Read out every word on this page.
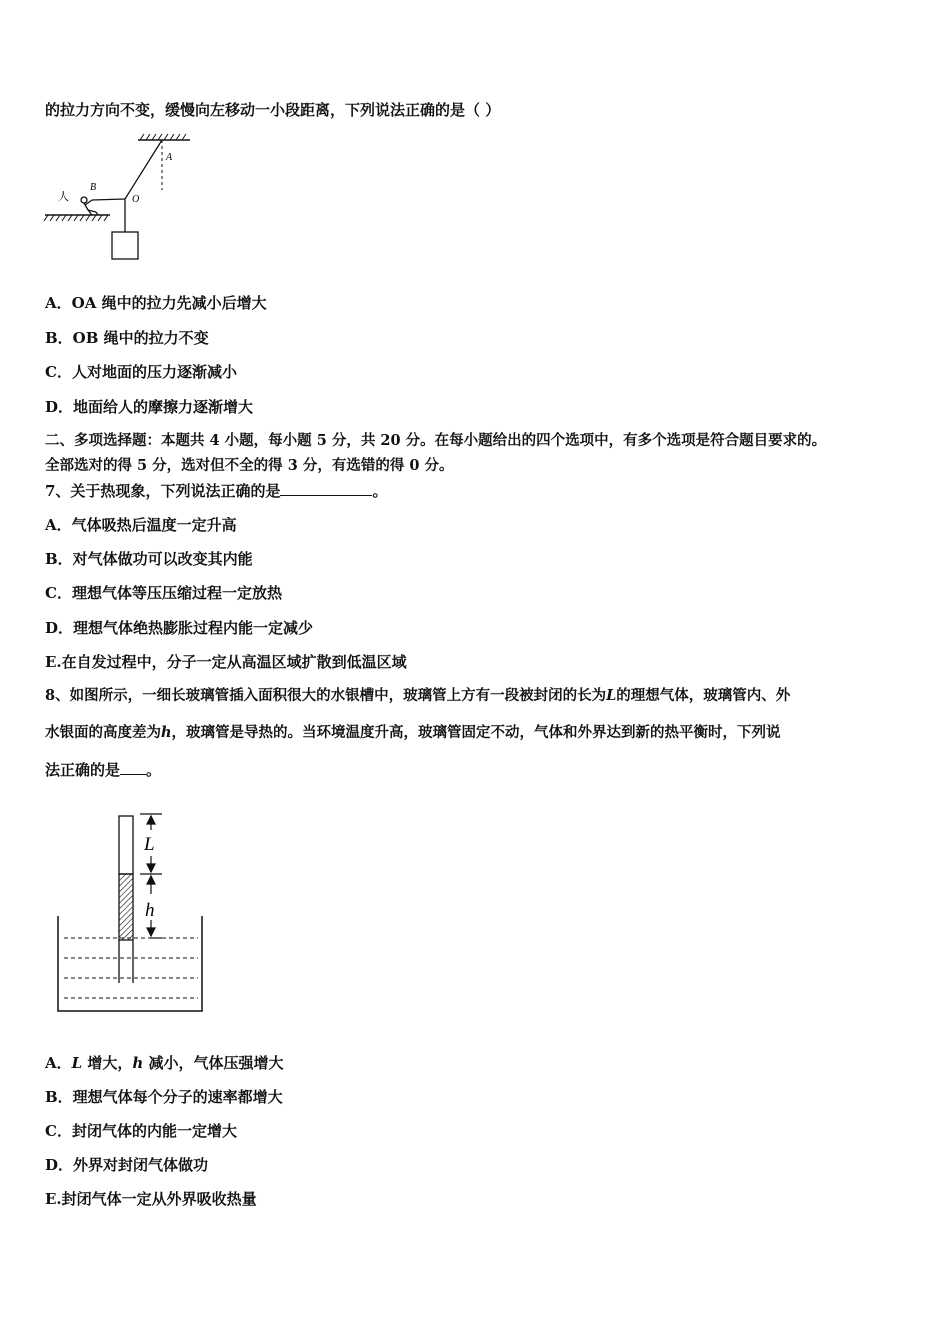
的拉力方向不变，缓慢向左移动一小段距离，下列说法正确的是（ ）
A
人
B
O
A．OA 绳中的拉力先减小后增大
B．OB 绳中的拉力不变
C．人对地面的压力逐渐减小
D．地面给人的摩擦力逐渐增大
二、多项选择题：本题共 4 小题，每小题 5 分，共 20 分。在每小题给出的四个选项中，有多个选项是符合题目要求的。
全部选对的得 5 分，选对但不全的得 3 分，有选错的得 0 分。
7、关于热现象，下列说法正确的是	。
A．气体吸热后温度一定升高
B．对气体做功可以改变其内能
C．理想气体等压压缩过程一定放热
D．理想气体绝热膨胀过程内能一定减少
E.在自发过程中，分子一定从高温区域扩散到低温区域
8、如图所示，一细长玻璃管插入面积很大的水银槽中，玻璃管上方有一段被封闭的长为L的理想气体，玻璃管内、外
水银面的高度差为h，玻璃管是导热的。当环境温度升高，玻璃管固定不动，气体和外界达到新的热平衡时，下列说
法正确的是 。
L
h
A．L 增大，h 减小，气体压强增大
B．理想气体每个分子的速率都增大
C．封闭气体的内能一定增大
D．外界对封闭气体做功
E.封闭气体一定从外界吸收热量
